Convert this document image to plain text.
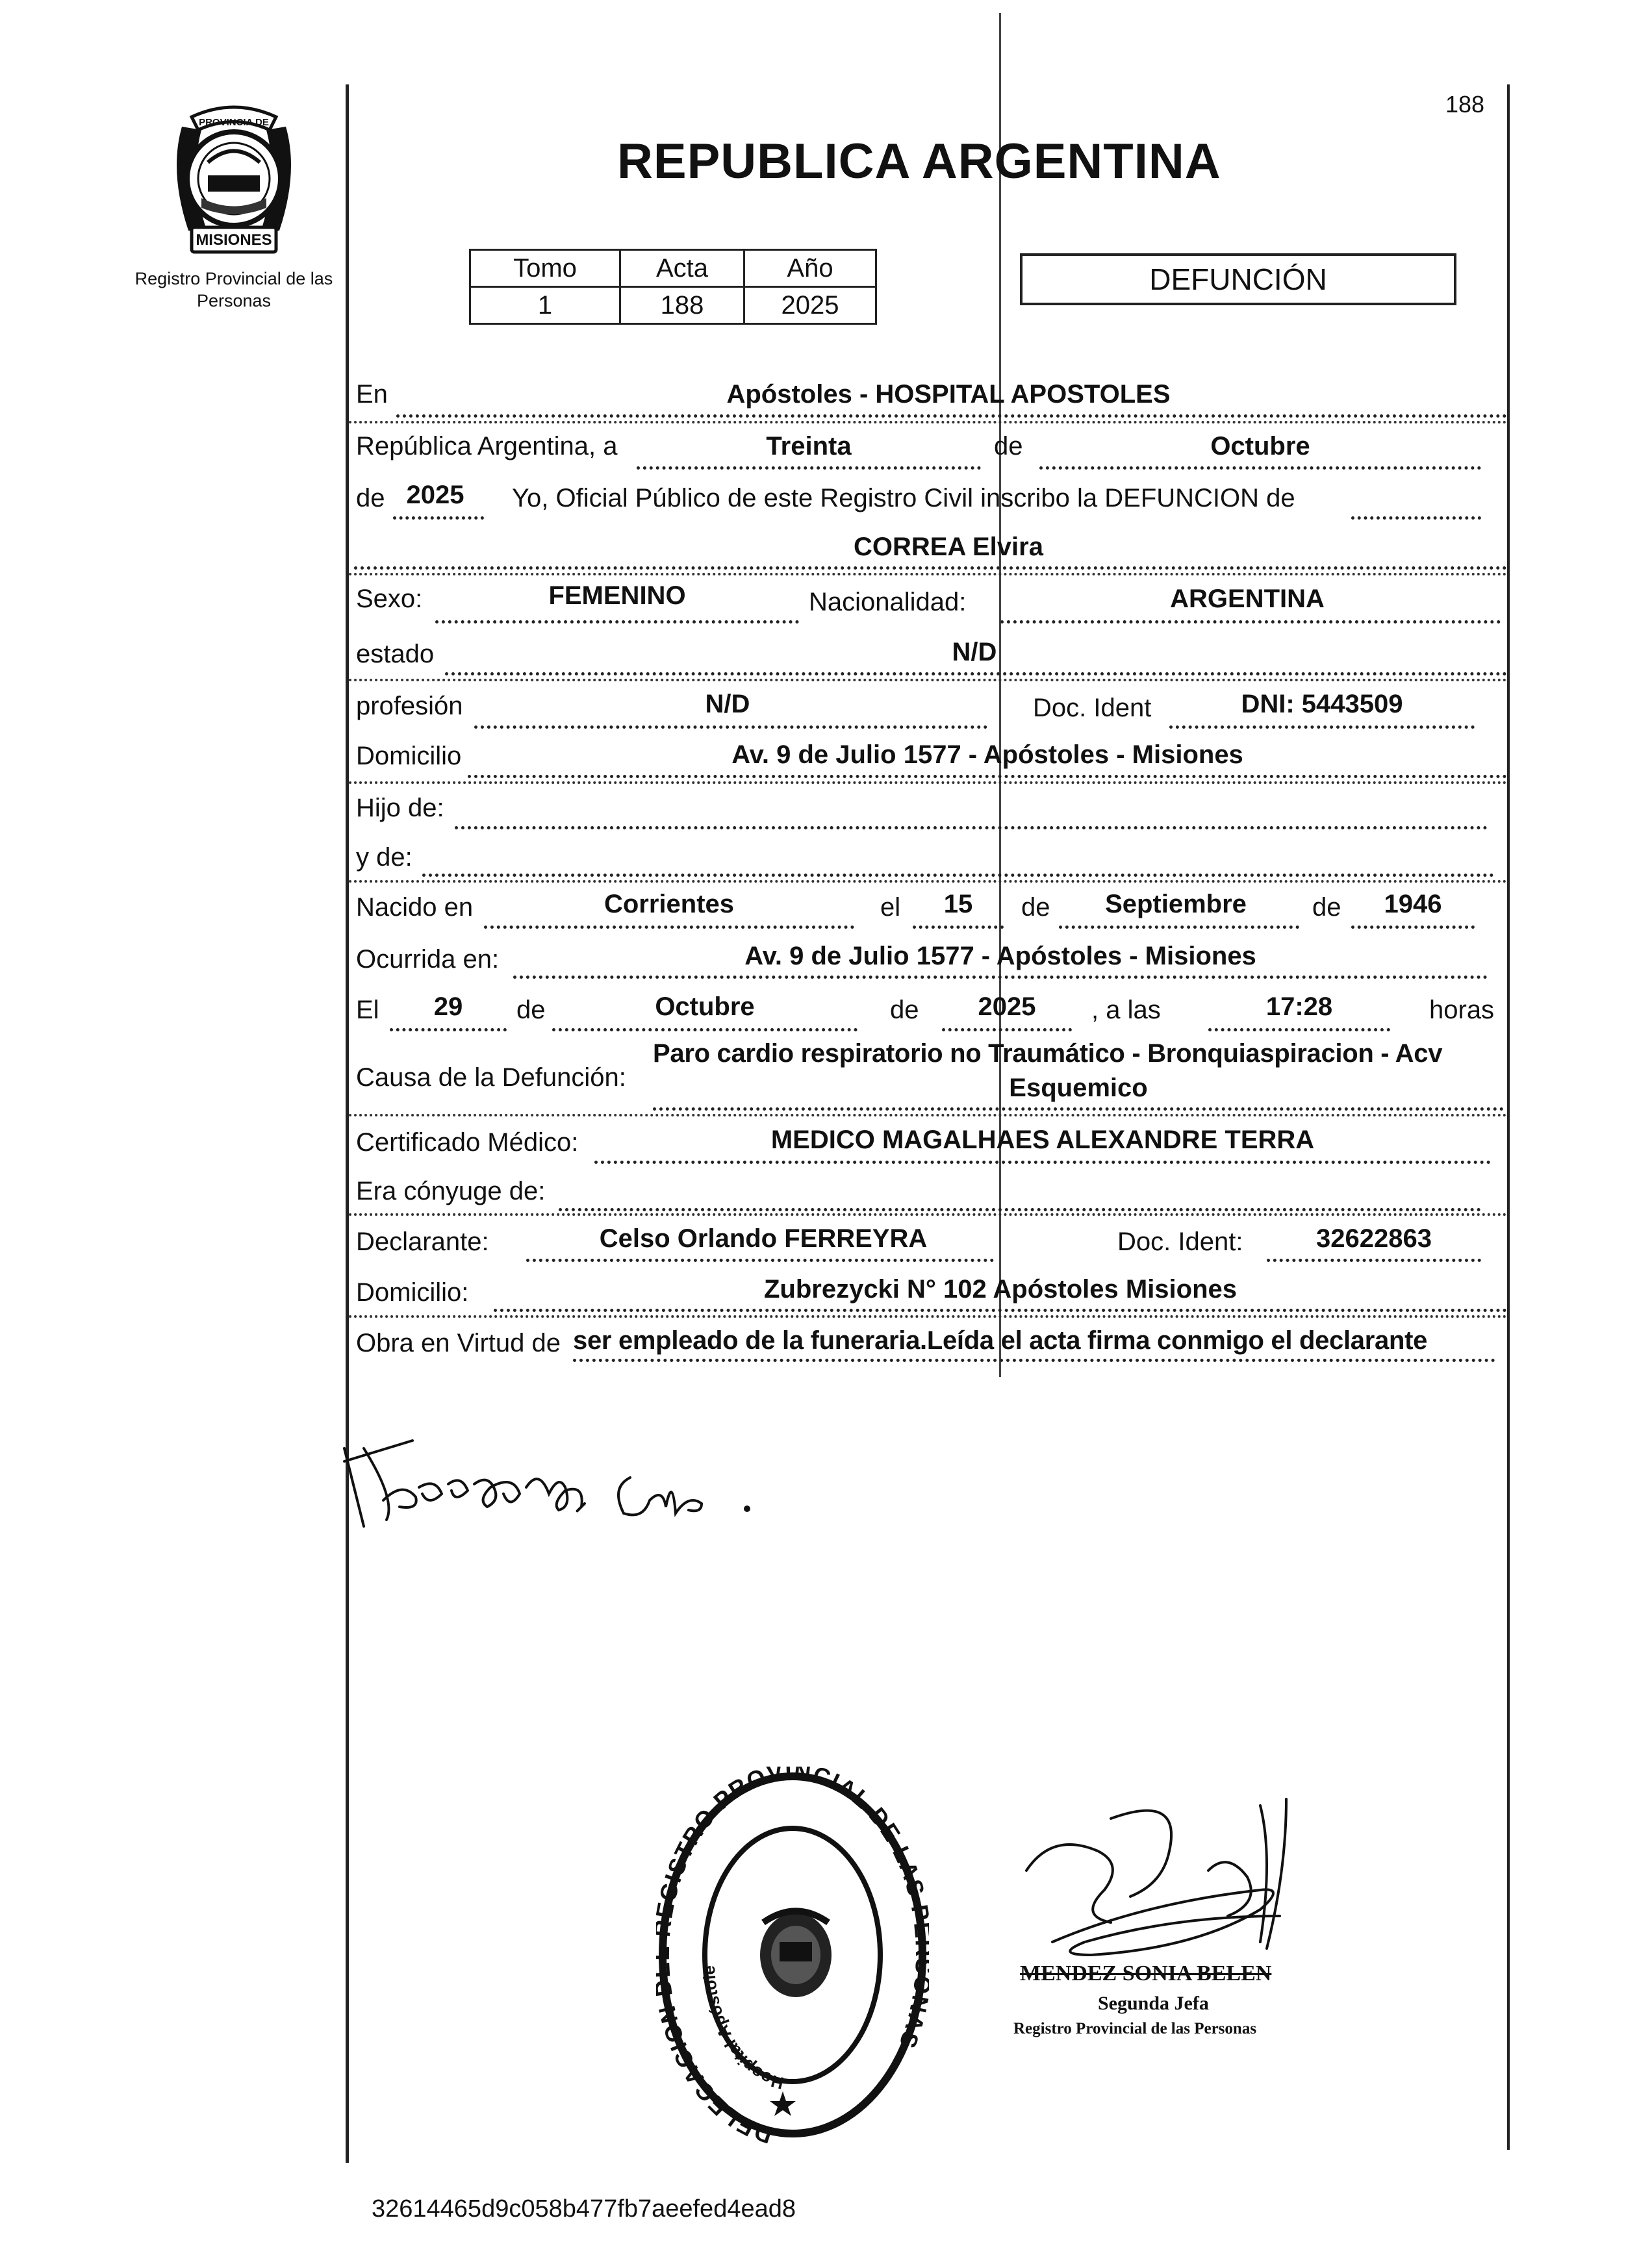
188
MISIONES
PROVINCIA DE
Registro Provincial de las Personas
REPUBLICA ARGENTINA
Tomo	Acta	Año
1	188	2025
DEFUNCIÓN
En	Apóstoles - HOSPITAL APOSTOLES
República Argentina, a	Treinta	de	Octubre
de 2025	Yo, Oficial Público de este Registro Civil inscribo la DEFUNCION de
CORREA Elvira
Sexo:	FEMENINO	Nacionalidad:	ARGENTINA
estado	N/D
profesión	N/D	Doc. Ident	DNI: 5443509
Domicilio	Av. 9 de Julio 1577 - Apóstoles - Misiones
Hijo de:
y de:
Nacido en	Corrientes	el	15	de	Septiembre	de	1946
Ocurrida en:	Av. 9 de Julio 1577 - Apóstoles - Misiones
El	29	de	Octubre	de	2025	, a las	17:28	horas
Causa de la Defunción:
Paro cardio respiratorio no Traumático - Bronquiaspiracion - Acv
Esquemico
Certificado Médico:	MEDICO MAGALHAES ALEXANDRE TERRA
Era cónyuge de:
Declarante:	Celso Orlando FERREYRA	Doc. Ident:	32622863
Domicilio:	Zubrezycki N° 102 Apóstoles Misiones
Obra en Virtud de ser empleado de la funeraria.Leída el acta firma conmigo el declarante
DELEGACIO GISTRO PROVINCIAL DE LAS AS
Hospital Apóstole	MENDEZ SONIA BELEN
Segunda Jefa
Registro Provincial de las Personas
32614465d9c058b477fb7aeefed4ead8
